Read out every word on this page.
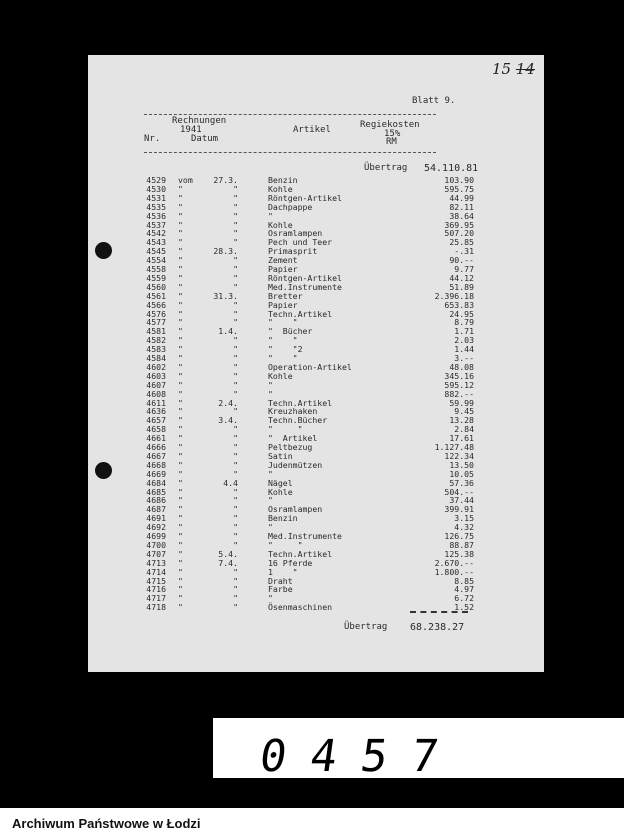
15 14
Blatt 9.
Rechnungen
1941
Nr.	Datum
Artikel	Regiekosten
15%
RM
Übertrag 54.110.81
4529 vom	27.3.	Benzin	103.90
4530 "	"	Kohle	595.75
4531 "	"	Röntgen-Artikel	44.99
4535 "	"	Dachpappe	82.11
4536 "	"	"	38.64
4537 "	"	Kohle	369.95
4542 "	"	Osramlampen	507.20
4543 "	"	Pech und Teer	25.85
4545 "	28.3.	Primasprit	-.31
4554 "	"	Zement	90.--
4558 "	"	Papier	9.77
4559 "	"	Röntgen-Artikel	44.12
4560 "	"	Med.Instrumente	51.89
4561 "	31.3.	Bretter	2.396.18
4566 "	"	Papier	653.83
4576 "	"	Techn.Artikel	24.95
4577 "	"	"    "	8.79
4581 "	1.4.	"  Bücher	1.71
4582 "	"	"    "	2.03
4583 "	"	"    "2	1.44
4584 "	"	"    "	3.--
4602 "	"	Operation-Artikel	48.08
4603 "	"	Kohle	345.16
4607 "	"	"	595.12
4608 "	"	"	882.--
4611 "	2.4.	Techn.Artikel	59.99
4636 "	"	Kreuzhaken	9.45
4657 "	3.4.	Techn.Bücher	13.28
4658 "	"	"     "	2.84
4661 "	"	"  Artikel	17.61
4666 "	"	Peltbezug	1.127.48
4667 "	"	Satin	122.34
4668 "	"	Judenmützen	13.50
4669 "	"	"	10.05
4684 "	4.4	Nägel	57.36
4685 "	"	Kohle	504.--
4686 "	"	"	37.44
4687 "	"	Osramlampen	399.91
4691 "	"	Benzin	3.15
4692 "	"	"	4.32
4699 "	"	Med.Instrumente	126.75
4700 "	"	"     "	88.87
4707 "	5.4.	Techn.Artikel	125.38
4713 "	7.4.	16 Pferde	2.670.--
4714 "	"	1    "	1.800.--
4715 "	"	Draht	8.85
4716 "	"	Farbe	4.97
4717 "	"	"	6.72
4718 "	"	Ösenmaschinen	1.52
Übertrag 68.238.27
0457
Archiwum Państwowe w Łodzi
